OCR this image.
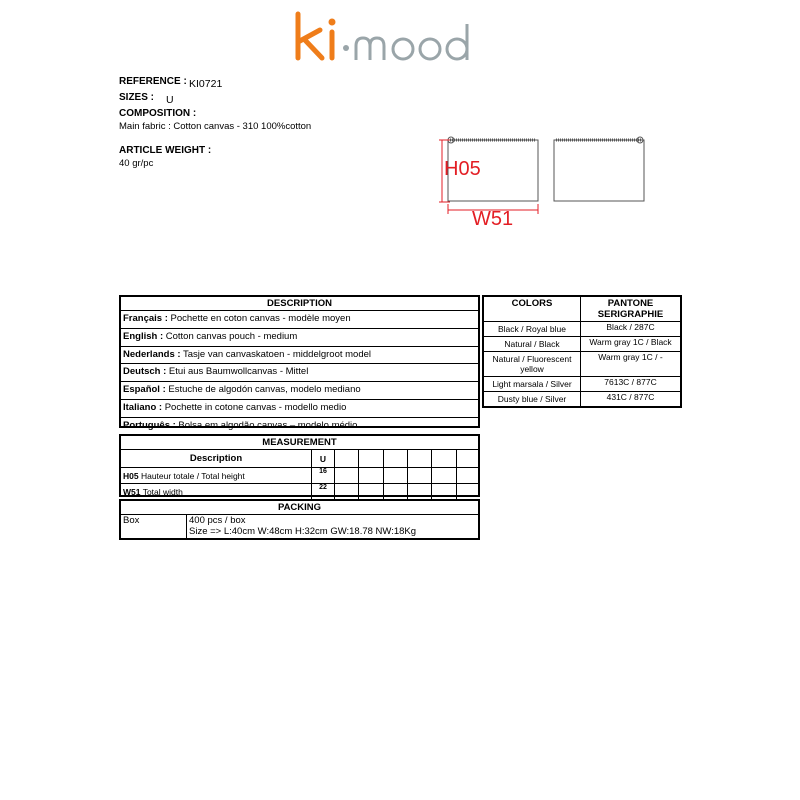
REFERENCE : KI0721
SIZES : U
COMPOSITION :
Main fabric : Cotton canvas - 310 100%cotton
ARTICLE WEIGHT :
40 gr/pc	H05
W51
DESCRIPTION
Français : Pochette en coton canvas - modèle moyen
English : Cotton canvas pouch - medium
Nederlands : Tasje van canvaskatoen - middelgroot model
Deutsch : Etui aus Baumwollcanvas - Mittel
Español : Estuche de algodón canvas, modelo mediano
Italiano : Pochette in cotone canvas - modello medio
Português : Bolsa em algodão canvas – modelo médio
COLORS	PANTONE
SERIGRAPHIE

Black / Royal blue	Black / 287C
Natural / Black	Warm gray 1C / Black
Natural / Fluorescent yellow	Warm gray 1C / -
Light marsala / Silver	7613C / 877C
Dusty blue / Silver	431C / 877C
MEASUREMENT
Description	U						
H05 Hauteur totale / Total height	16						
W51 Total width	22						
PACKING
Box	400 pcs / box
Size => L:40cm W:48cm H:32cm GW:18.78 NW:18Kg
